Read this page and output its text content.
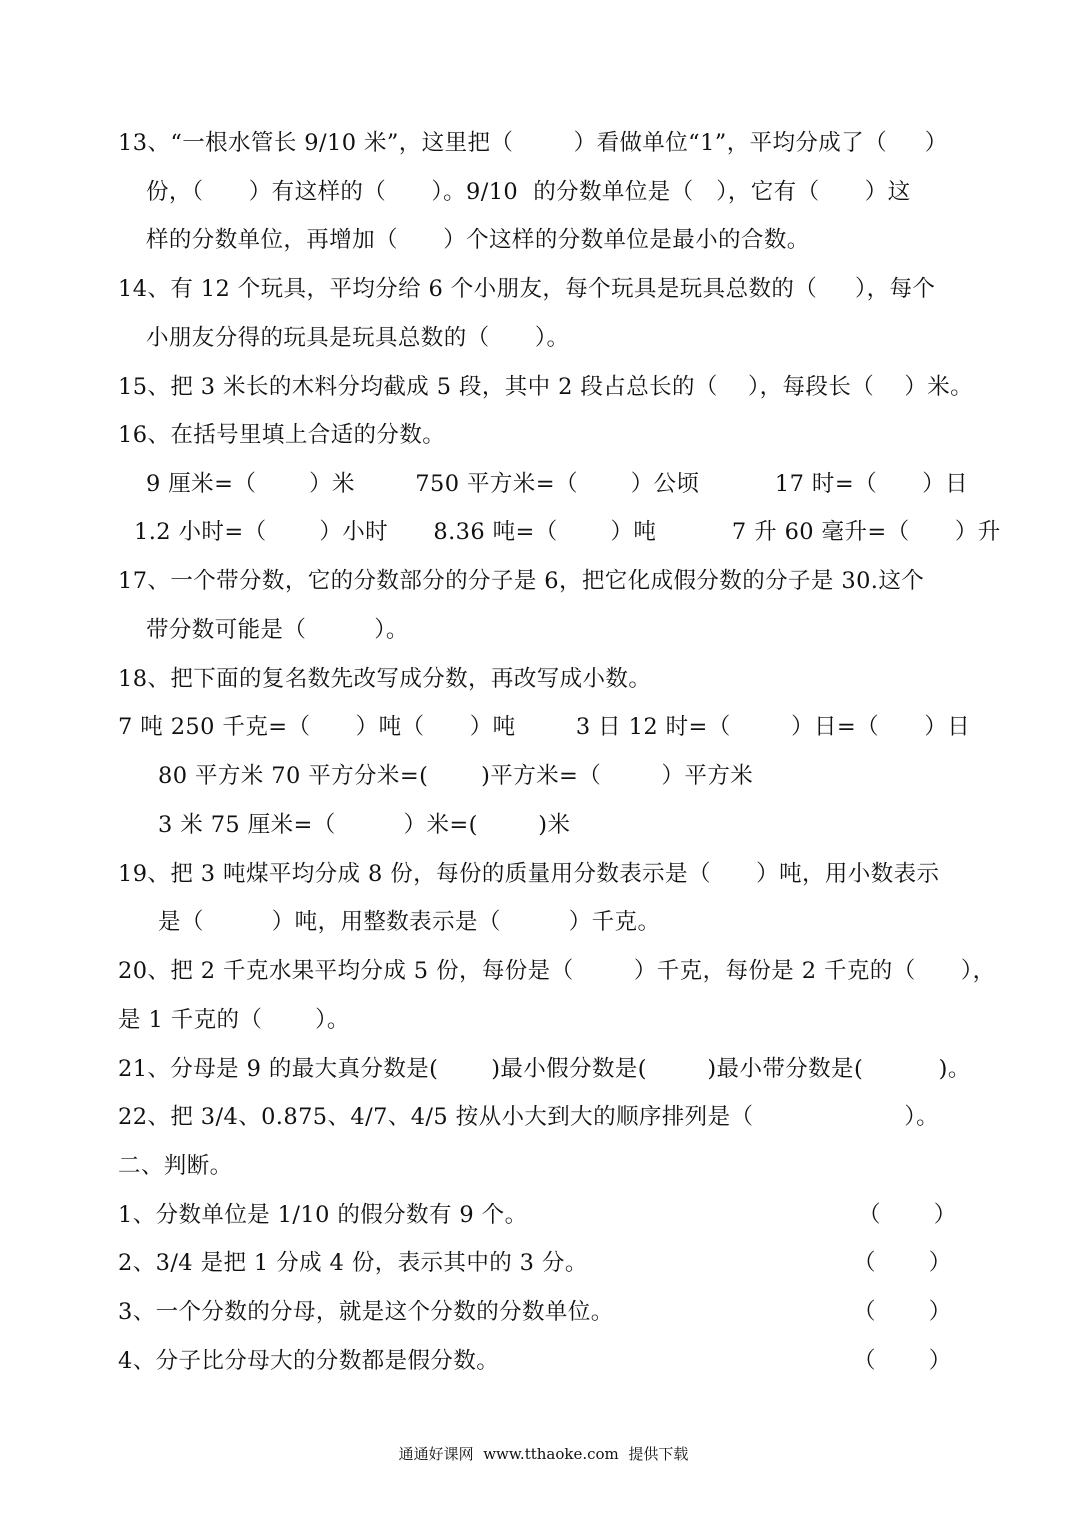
13、“一根水管长 9/10 米”，这里把（        ）看做单位“1”，平均分成了（     ）
份，（      ）有这样的（      ）。9/10  的分数单位是（   ），它有（      ）这
样的分数单位，再增加（      ）个这样的分数单位是最小的合数。
14、有 12 个玩具，平均分给 6 个小朋友，每个玩具是玩具总数的（     ），每个
小朋友分得的玩具是玩具总数的（      ）。
15、把 3 米长的木料分均截成 5 段，其中 2 段占总长的（    ），每段长（    ）米。
16、在括号里填上合适的分数。
9 厘米=（       ）米        750 平方米=（       ）公顷          17 时=（      ）日
1.2 小时=（       ）小时      8.36 吨=（       ）吨          7 升 60 毫升=（      ）升
17、一个带分数，它的分数部分的分子是 6，把它化成假分数的分子是 30.这个
带分数可能是（         ）。
18、把下面的复名数先改写成分数，再改写成小数。
7 吨 250 千克=（      ）吨（      ）吨        3 日 12 时=（        ）日=（      ）日
80 平方米 70 平方分米=(       )平方米=（        ）平方米
3 米 75 厘米=（         ）米=(        )米
19、把 3 吨煤平均分成 8 份，每份的质量用分数表示是（      ）吨，用小数表示
是（         ）吨，用整数表示是（         ）千克。
20、把 2 千克水果平均分成 5 份，每份是（        ）千克，每份是 2 千克的（      ），
是 1 千克的（       ）。
21、分母是 9 的最大真分数是(       )最小假分数是(        )最小带分数是(          )。
22、把 3/4、0.875、4/7、4/5 按从小大到大的顺序排列是（                    ）。
二、判断。
1、分数单位是 1/10 的假分数有 9 个。	（       ）
2、3/4 是把 1 分成 4 份，表示其中的 3 分。	（       ）
3、一个分数的分母，就是这个分数的分数单位。	（       ）
4、分子比分母大的分数都是假分数。	（       ）
通通好课网  www.tthaoke.com  提供下载
